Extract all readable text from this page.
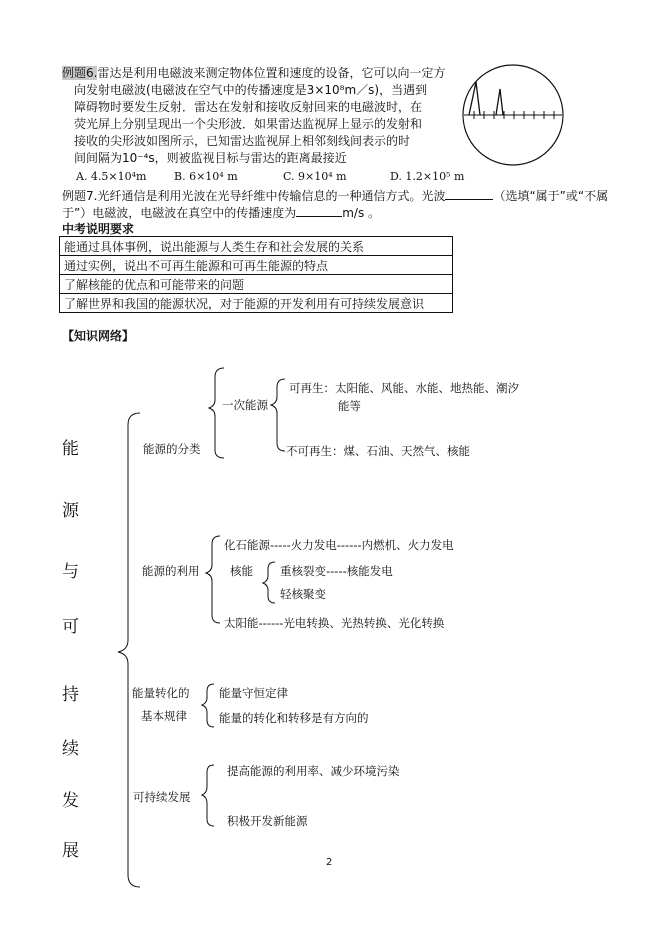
例题6.雷达是利用电磁波来测定物体位置和速度的设备，它可以向一定方
向发射电磁波(电磁波在空气中的传播速度是3×10⁸m／s)，当遇到
障碍物时要发生反射．雷达在发射和接收反射回来的电磁波时，在
荧光屏上分别呈现出一个尖形波．如果雷达监视屏上显示的发射和
接收的尖形波如图所示，已知雷达监视屏上相邻刻线间表示的时
间间隔为10⁻⁴s，则被监视目标与雷达的距离最接近
A. 4.5×10⁴m	B. 6×10⁴ m	C. 9×10⁴ m	D. 1.2×10⁵ m
例题7.光纤通信是利用光波在光导纤维中传输信息的一种通信方式。光波	（选填“属于”或“不属
于”）电磁波，电磁波在真空中的传播速度为	m/s 。
中考说明要求
能通过具体事例，说出能源与人类生存和社会发展的关系
通过实例，说出不可再生能源和可再生能源的特点
了解核能的优点和可能带来的问题
了解世界和我国的能源状况，对于能源的开发利用有可持续发展意识
【知识网络】
能
源
与
可
持
续
发
展
能源的分类
一次能源
可再生：太阳能、风能、水能、地热能、潮汐
能等
不可再生：煤、石油、天然气、核能
能源的利用
化石能源-----火力发电------内燃机、火力发电
核能 重核裂变-----核能发电
轻核聚变
太阳能------光电转换、光热转换、光化转换
能量转化的
基本规律
能量守恒定律
能量的转化和转移是有方向的
可持续发展
提高能源的利用率、减少环境污染
积极开发新能源
2
